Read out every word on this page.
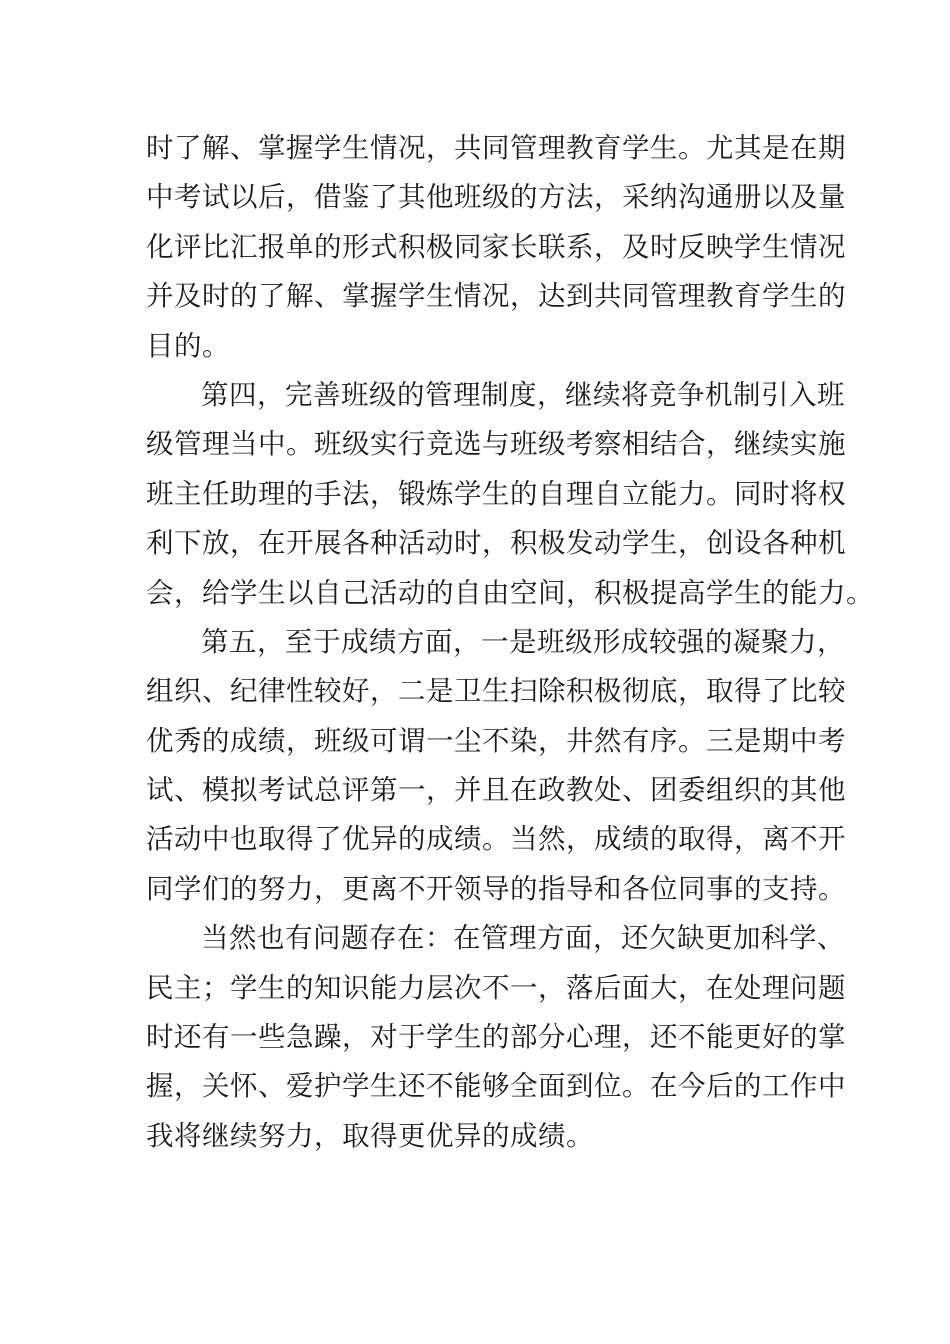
时了解、掌握学生情况，共同管理教育学生。尤其是在期
中考试以后，借鉴了其他班级的方法，采纳沟通册以及量
化评比汇报单的形式积极同家长联系，及时反映学生情况
并及时的了解、掌握学生情况，达到共同管理教育学生的
目的。
第四，完善班级的管理制度，继续将竞争机制引入班
级管理当中。班级实行竞选与班级考察相结合，继续实施
班主任助理的手法，锻炼学生的自理自立能力。同时将权
利下放，在开展各种活动时，积极发动学生，创设各种机
会，给学生以自己活动的自由空间，积极提高学生的能力。
第五，至于成绩方面，一是班级形成较强的凝聚力，
组织、纪律性较好，二是卫生扫除积极彻底，取得了比较
优秀的成绩，班级可谓一尘不染，井然有序。三是期中考
试、模拟考试总评第一，并且在政教处、团委组织的其他
活动中也取得了优异的成绩。当然，成绩的取得，离不开
同学们的努力，更离不开领导的指导和各位同事的支持。
当然也有问题存在：在管理方面，还欠缺更加科学、
民主；学生的知识能力层次不一，落后面大，在处理问题
时还有一些急躁，对于学生的部分心理，还不能更好的掌
握，关怀、爱护学生还不能够全面到位。在今后的工作中
我将继续努力，取得更优异的成绩。
